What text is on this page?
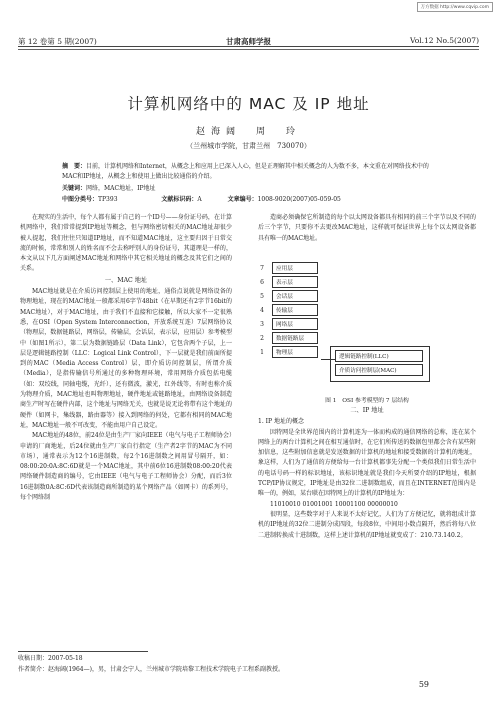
万方数据 http://www.cqvip.com
第 12 卷第 5 期(2007)	甘肃高师学报	Vol.12 No.5(2007)
计算机网络中的 MAC 及 IP 地址
赵海阔　周　玲
（兰州城市学院，甘肃兰州　730070）
摘　要：目前，计算机网络和Internet，从概念上和应用上已深入人心，但是正理解其中相关概念的人为数不多，本文重在对网络技术中的MAC和IP地址，从概念上和使用上做出比较通俗的介绍。
关键词：网络，MAC地址，IP地址
中图分类号：TP393	文献标识码：A	文章编号：1008-9020(2007)05-059-05

在现实的生活中，每个人都有属于自己的一个ID号——身份证号码，在计算机网络中，我们常常提到IP地址等概念，但与网络密切相关的MAC地址却很少被人提起，我们往往只知道IP地址，而不知道MAC地址，这主要归因于日常交流的时候，常常和别人的姓名而不会去称呼别人的身份证号，其道理是一样的，本文从以下几方面阐述MAC地址和网络中其它相关地址的概念及其它们之间的关系。

一、MAC 地址

MAC地址就是在介质访问控制层上使用的地址，通俗点说就是网络设备的物理地址，现在的MAC地址一般都采用6字节48bit（在早期还有2字节16bit的MAC地址），对于MAC地址，由于我们不直接和它接触，所以大家不一定很熟悉，在OSI（Open System Interconnection，开放系统互连）7层网络协议（物理层，数据链路层，网络层，传输层，会话层，表示层，应用层）参考模型中（如图1所示），第二层为数据链路层（Data Link），它包含两个子层，上一层是逻辑链路控制（LLC：Logical Link Control），下一层就是我们前面所提到的MAC（Media Access Control）层，即介质访问控制层，所谓介质（Media），是指传输信号所通过的多种物理环境，常用网络介质包括电缆（如：双绞线，同轴电缆，光纤），还有微波，激光，红外线等，有时也称介质为物理介质，MAC地址也叫物理地址，硬件地址或链路地址，由网络设备制造商生产时写在硬件内部，这个地址与网络无关，也就是说无论将带有这个地址的硬件（如网卡，集线器，路由器等）接入到网络的何处，它都有相同的MAC地址，MAC地址一般不可改变，不能由用户自己设定。

MAC地址的48位，前24位是由生产厂家向IEEE（电气与电子工程师协会）申请的厂商地址，后24位就由生产厂家自行指定（生产者2字节的MAC为不同市场），通常表示为12个16进制数，每2个16进制数之间用冒号隔开，如：08:00:20:0A:8C:6D就是一个MAC地址，其中前6位16进制数08:00:20代表网络硬件制造商的编号，它由IEEE（电气与电子工程师协会）分配，而后3位16进制数0A:8C:6D代表该制造商所制造的某个网络产品（如网卡）的系列号，每个网络制

造商必须确保它所制造的每个以太网设备都具有相同的前三个字节以及不同的后三个字节，只要你不去更改MAC地址，这样就可保证世界上每个以太网设备都具有唯一的MAC地址。

7	应用层
6	表示层
5	会话层
4	传输层
3	网络层
2	数据链路层
1	物理层
逻辑链路控制(LLC)
介质访问控制层(MAC)
图 1　OSI 参考模型的 7 层结构
二、IP 地址
1. IP 地址的概念

因特网是全世界范围内的计算机连为一体而构成的通信网络的总称，连在某个网络上的两台计算机之间在相互通信时，在它们所传送的数据包里都会含有某些附加信息，这些附加信息就是发送数据的计算机的地址和接受数据的计算机的地址，象这样，人们为了通信的方便给每一台计算机都事先分配一个类似我们日常生活中的电话号码一样的标识地址，该标识地址就是我们今天所要介绍的IP地址，根据TCP/IP协议规定，IP地址是由32位二进制数组成，而且在INTERNET范围内是唯一的，例如，某台联在因特网上的计算机的IP地址为：

11010010 01001001 10001100 00000010

很明显，这些数字对于人来说不太好记忆，人们为了方便记忆，就将组成计算机的IP地址的32位二进制分成四段，每段8位，中间用小数点隔开，然后将每八位二进制转换成十进制数，这样上述计算机的IP地址就变成了：210.73.140.2。

收稿日期：2007-05-18
作者简介：赵海阔(1964—)，男，甘肃会宁人，兰州城市学院培黎工程技术学院电子工程系副教授。
59
